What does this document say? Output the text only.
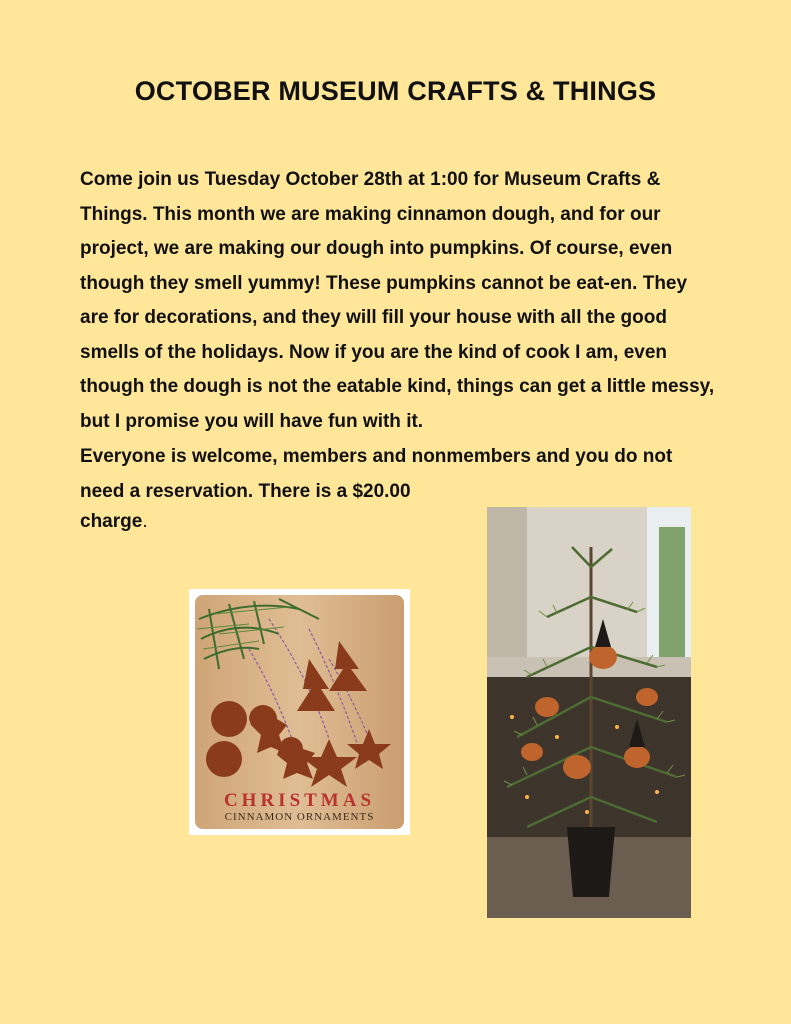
OCTOBER MUSEUM CRAFTS & THINGS

Come join us Tuesday October 28th at 1:00 for Museum Crafts & Things. This month we are making cinnamon dough, and for our project, we are making our dough into pumpkins. Of course, even though they smell yummy! These pumpkins cannot be eat-en. They are for decorations, and they will fill your house with all the good smells of the holidays. Now if you are the kind of cook I am, even though the dough is not the eatable kind, things can get a little messy, but I promise you will have fun with it.

Everyone is welcome, members and nonmembers and you do not
need a reservation. There is a $20.00

charge.

CHRISTMAS
CINNAMON ORNAMENTS
